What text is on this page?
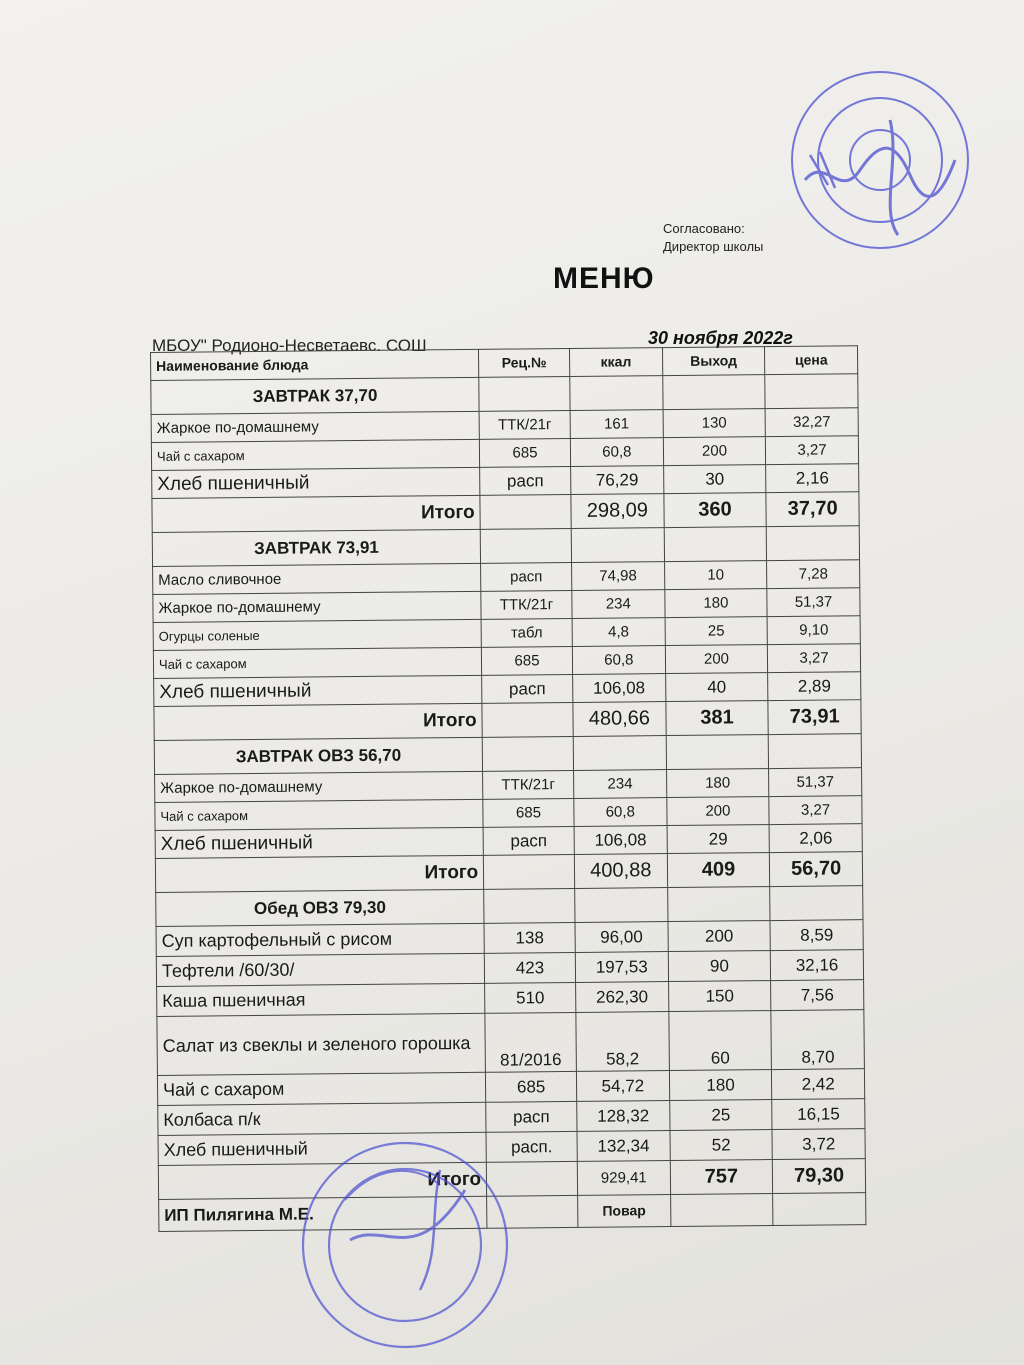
Согласовано:
Директор школы
МЕНЮ
МБОУ" Родионо-Несветаевс. СОШ	30 ноября 2022г
Наименование блюда	Рец.№	ккал	Выход	цена
ЗАВТРАК 37,70				
Жаркое по-домашнему	ТТК/21г	161	130	32,27
Чай с сахаром	685	60,8	200	3,27
Хлеб пшеничный	расп	76,29	30	2,16
Итого		298,09	360	37,70
ЗАВТРАК 73,91				
Масло сливочное	расп	74,98	10	7,28
Жаркое по-домашнему	ТТК/21г	234	180	51,37
Огурцы соленые	табл	4,8	25	9,10
Чай с сахаром	685	60,8	200	3,27
Хлеб пшеничный	расп	106,08	40	2,89
Итого		480,66	381	73,91
ЗАВТРАК ОВЗ 56,70				
Жаркое по-домашнему	ТТК/21г	234	180	51,37
Чай с сахаром	685	60,8	200	3,27
Хлеб пшеничный	расп	106,08	29	2,06
Итого		400,88	409	56,70
Обед ОВЗ 79,30				
Суп картофельный с рисом	138	96,00	200	8,59
Тефтели /60/30/	423	197,53	90	32,16
Каша пшеничная	510	262,30	150	7,56
Салат из свеклы и зеленого горошка	81/2016	58,2	60	8,70
Чай с сахаром	685	54,72	180	2,42
Колбаса п/к	расп	128,32	25	16,15
Хлеб пшеничный	расп.	132,34	52	3,72
Итого		929,41	757	79,30
ИП Пилягина М.Е.		Повар		
